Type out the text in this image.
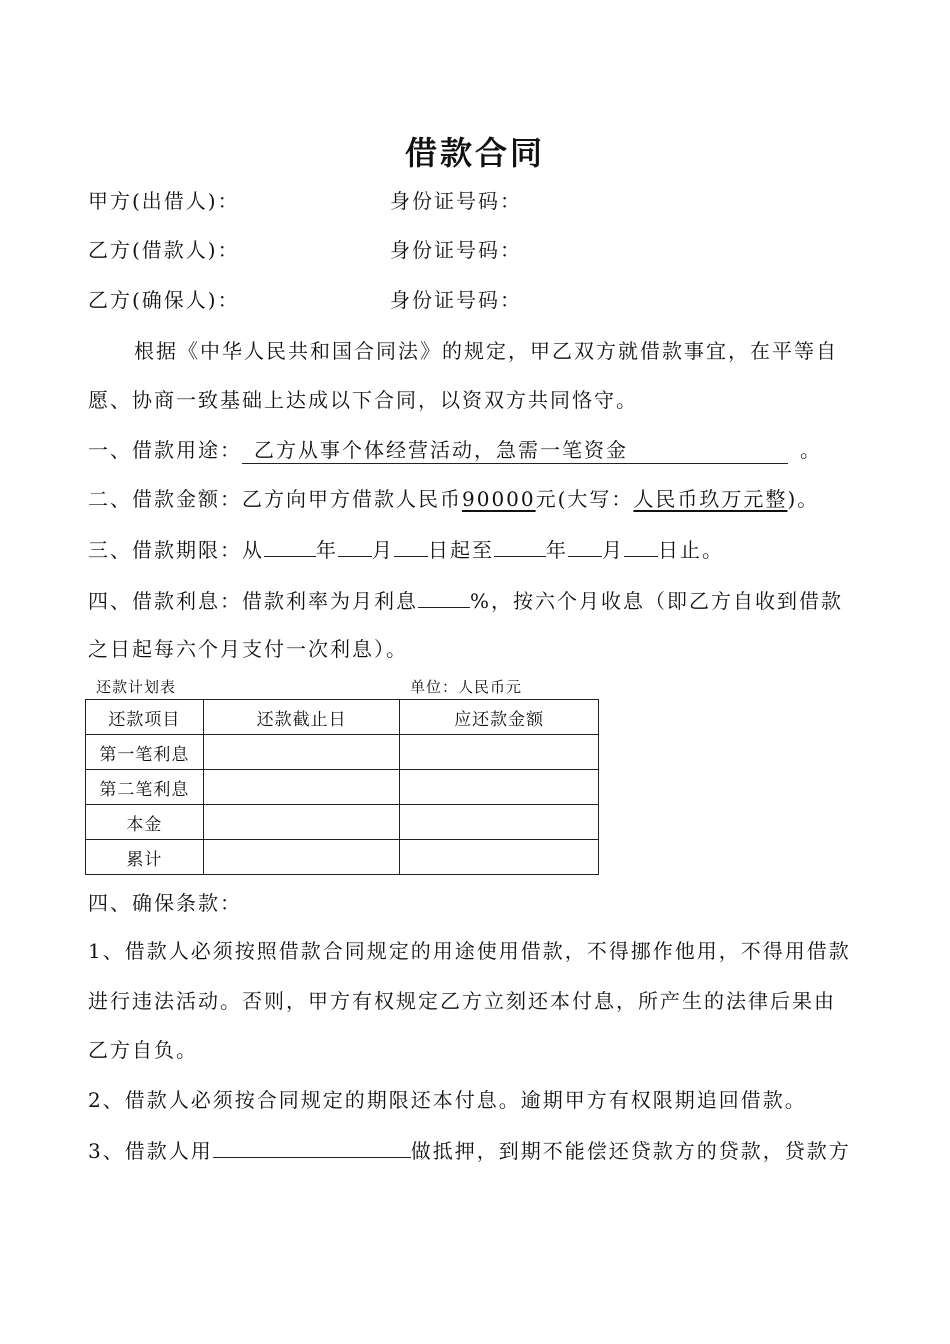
借款合同
甲方(出借人)：	身份证号码：
乙方(借款人)：	身份证号码：
乙方(确保人)：	身份证号码：
根据《中华人民共和国合同法》的规定，甲乙双方就借款事宜，在平等自
愿、协商一致基础上达成以下合同，以资双方共同恪守。
一、借款用途： 乙方从事个体经营活动，急需一笔资金	。
二、借款金额：乙方向甲方借款人民币90000元(大写：人民币玖万元整)。
三、借款期限：从	年 月 日起至	年 月 日止。
四、借款利息：借款利率为月利息	%，按六个月收息（即乙方自收到借款
之日起每六个月支付一次利息）。
还款计划表	单位：人民币元
还款项目	还款截止日	应还款金额
第一笔利息		
第二笔利息		
本金		
累计		
四、确保条款：
1、借款人必须按照借款合同规定的用途使用借款，不得挪作他用，不得用借款
进行违法活动。否则，甲方有权规定乙方立刻还本付息，所产生的法律后果由
乙方自负。
2、借款人必须按合同规定的期限还本付息。逾期甲方有权限期追回借款。
3、借款人用	做抵押，到期不能偿还贷款方的贷款，贷款方
